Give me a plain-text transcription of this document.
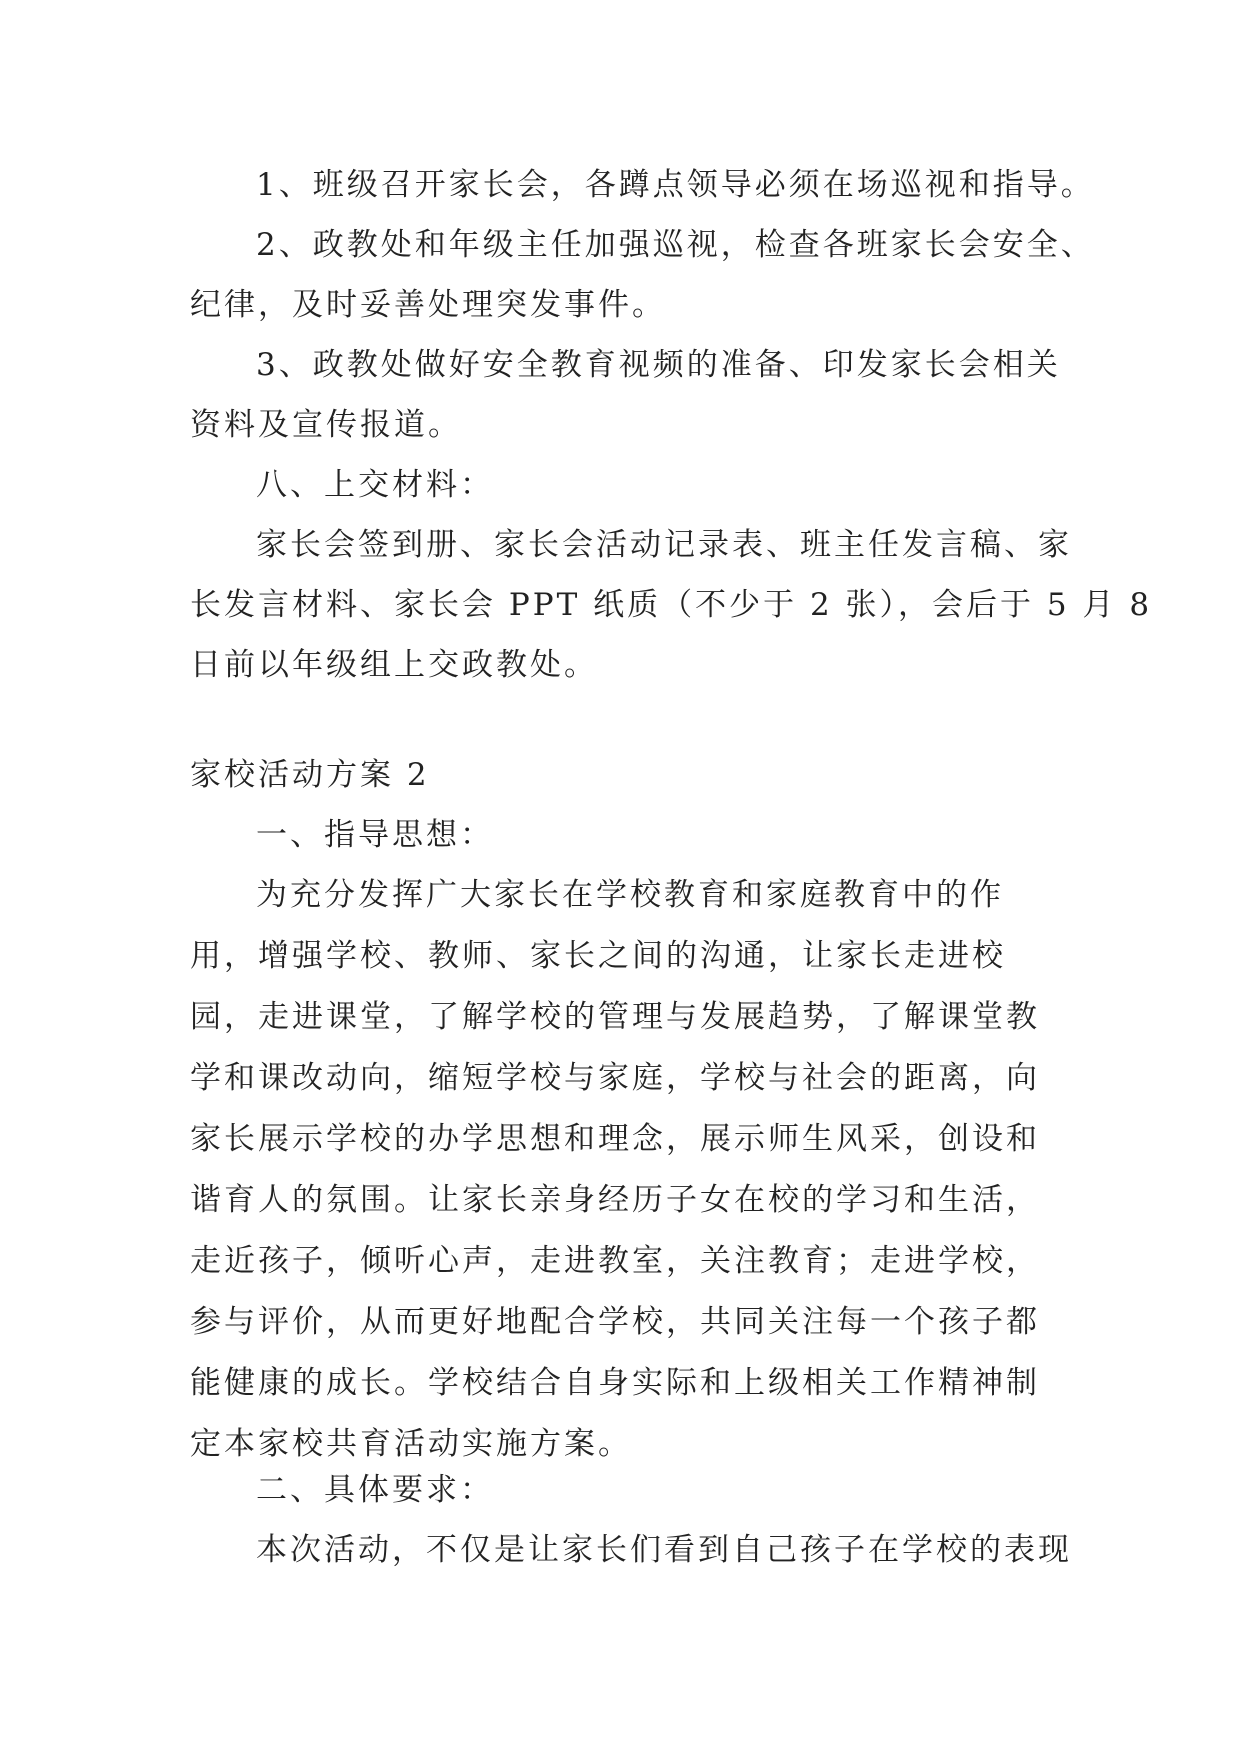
1、班级召开家长会，各蹲点领导必须在场巡视和指导。

2、政教处和年级主任加强巡视，检查各班家长会安全、

纪律，及时妥善处理突发事件。

3、政教处做好安全教育视频的准备、印发家长会相关

资料及宣传报道。

八、上交材料：

家长会签到册、家长会活动记录表、班主任发言稿、家

长发言材料、家长会 PPT 纸质（不少于 2 张），会后于 5 月 8

日前以年级组上交政教处。

家校活动方案 2

一、指导思想：

为充分发挥广大家长在学校教育和家庭教育中的作用，增强学校、教师、家长之间的沟通，让家长走进校园，走进课堂，了解学校的管理与发展趋势，了解课堂教学和课改动向，缩短学校与家庭，学校与社会的距离，向家长展示学校的办学思想和理念，展示师生风采，创设和谐育人的氛围。让家长亲身经历子女在校的学习和生活，走近孩子，倾听心声，走进教室，关注教育；走进学校，参与评价，从而更好地配合学校，共同关注每一个孩子都能健康的成长。学校结合自身实际和上级相关工作精神制定本家校共育活动实施方案。

二、具体要求：

本次活动，不仅是让家长们看到自己孩子在学校的表现
